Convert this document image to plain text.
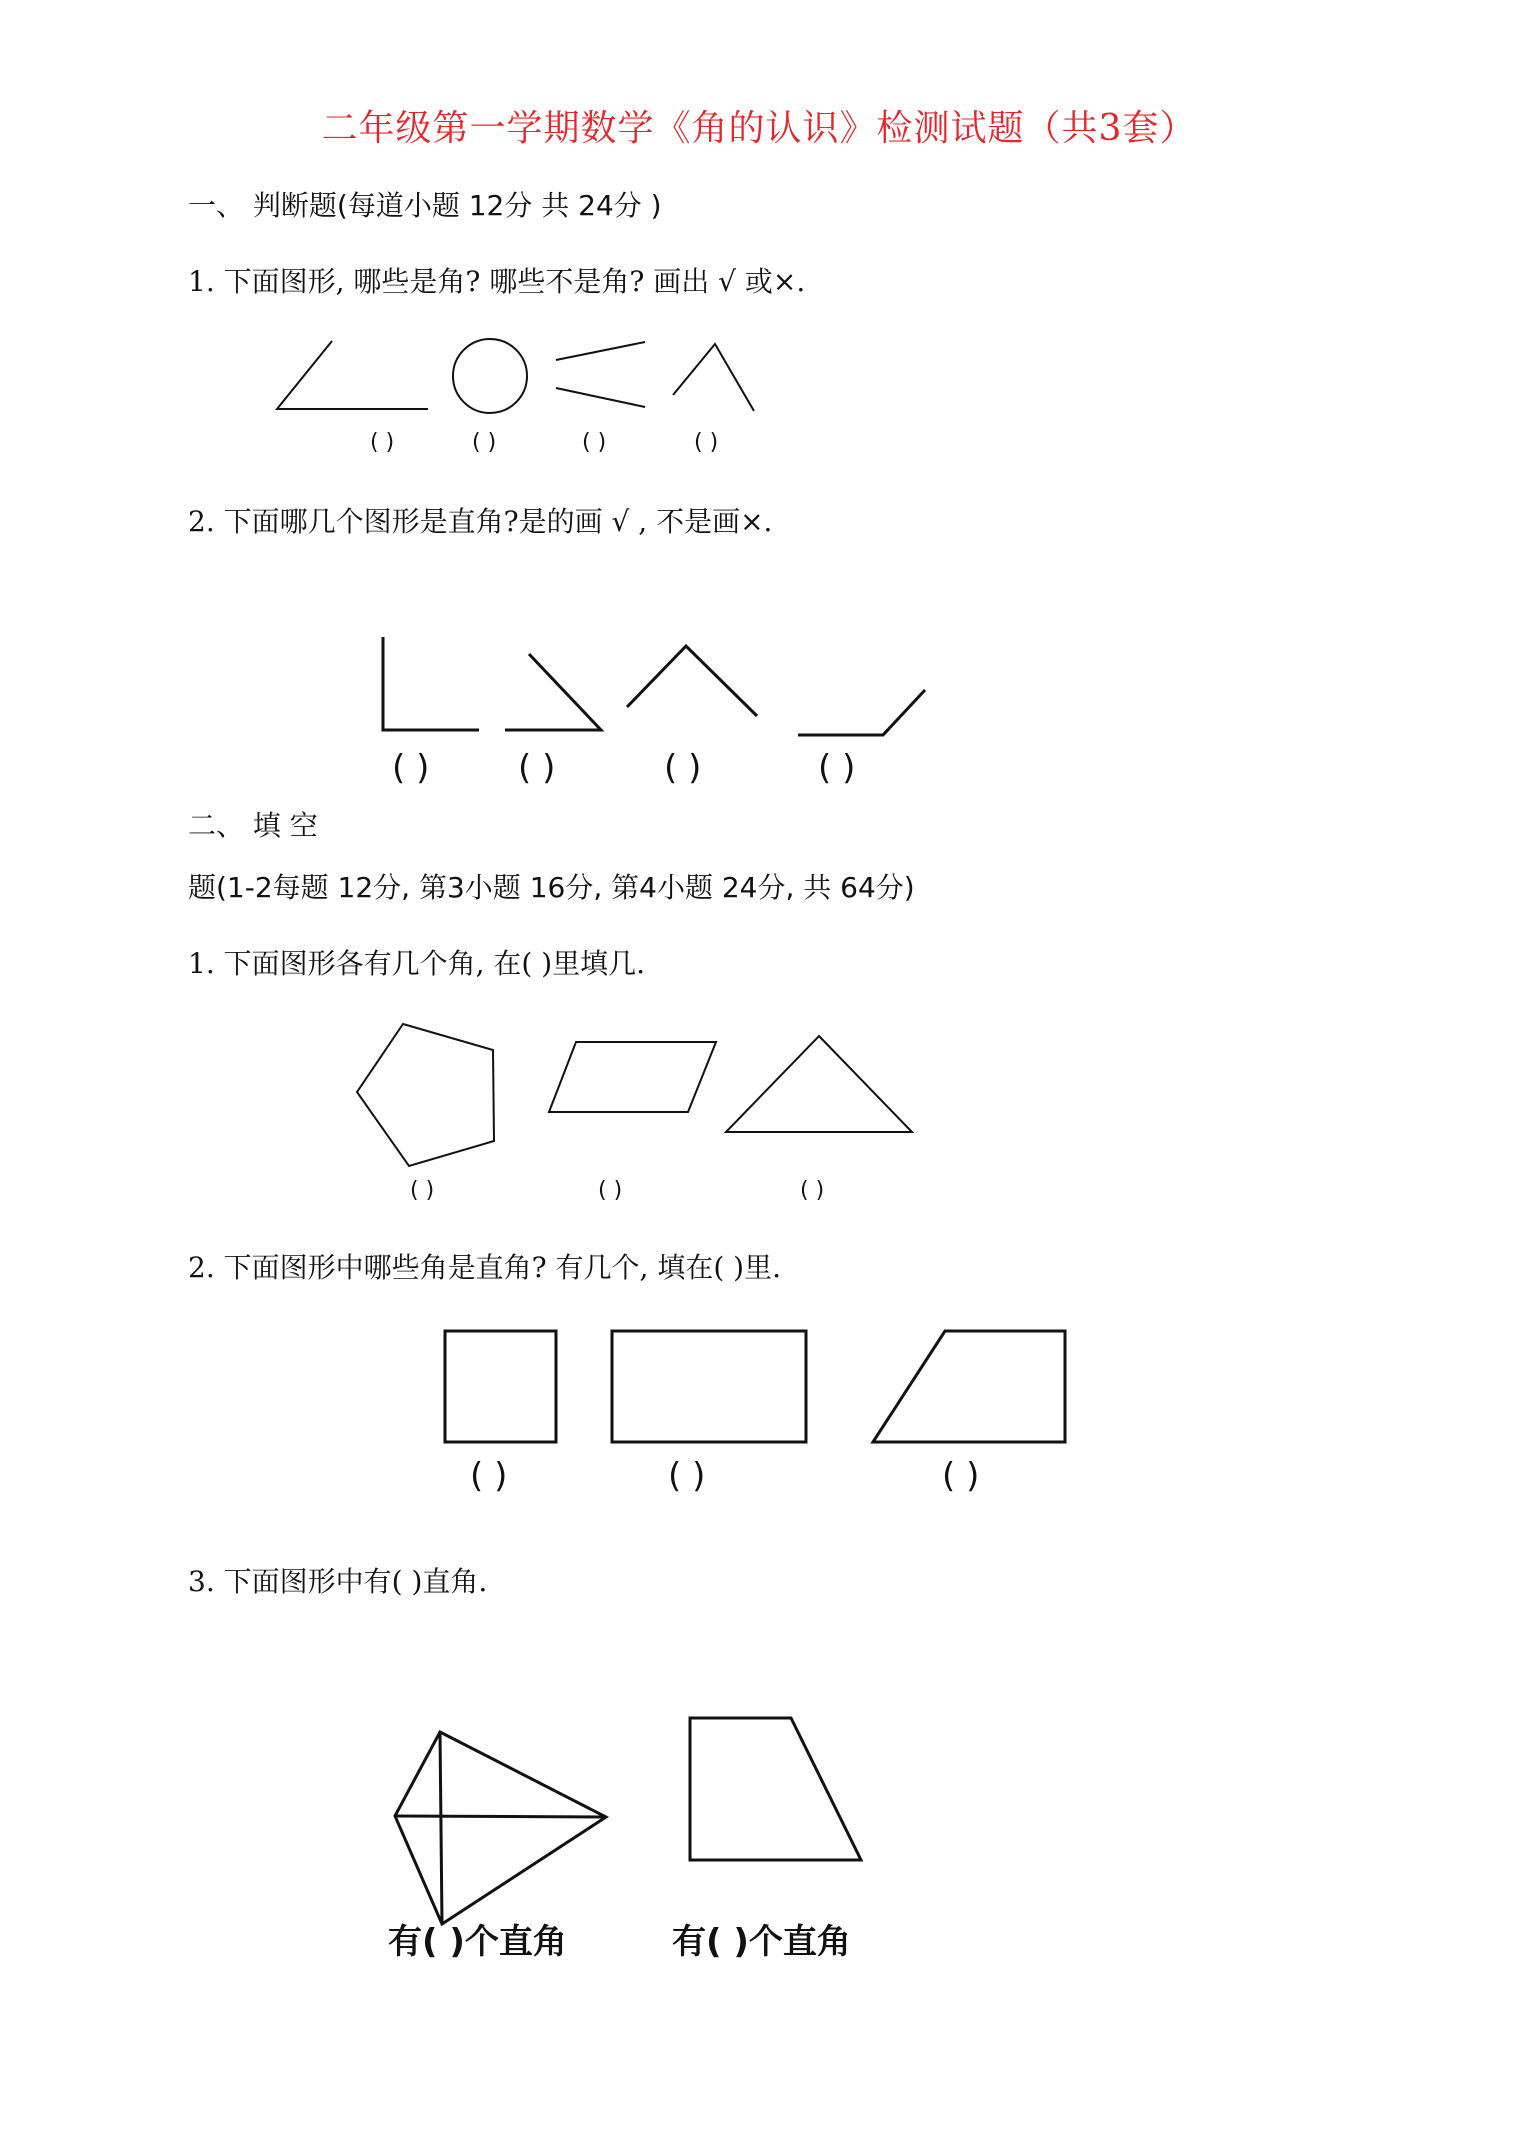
二年级第一学期数学《角的认识》检测试题（共3套）
一、 判断题(每道小题 12分 共 24分 )
1. 下面图形, 哪些是角? 哪些不是角? 画出 √ 或×.
( )	( )	( )	( )
2. 下面哪几个图形是直角?是的画 √ , 不是画×.
( )	( )	( )	( )
二、 填 空
题(1-2每题 12分, 第3小题 16分, 第4小题 24分, 共 64分)
1. 下面图形各有几个角, 在( )里填几.
( )	( )	( )
2. 下面图形中哪些角是直角? 有几个, 填在( )里.
( )	( )	( )
3. 下面图形中有( )直角.
有( )个直角	有( )个直角
